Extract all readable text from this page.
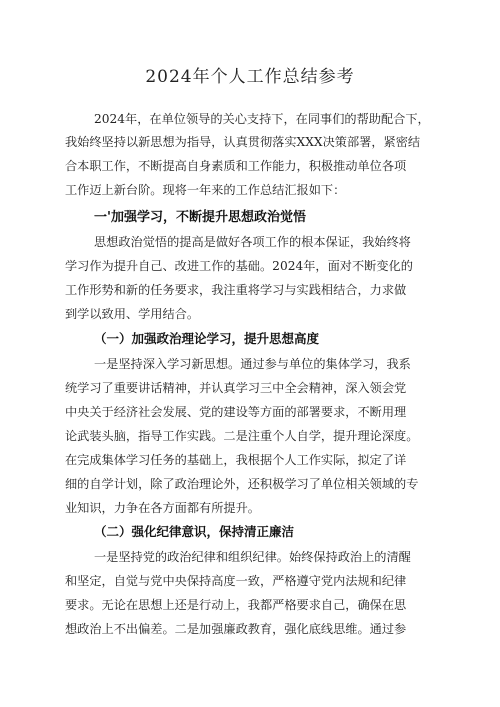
2024年个人工作总结参考
2024年，在单位领导的关心支持下，在同事们的帮助配合下，
我始终坚持以新思想为指导，认真贯彻落实XXX决策部署，紧密结
合本职工作，不断提高自身素质和工作能力，积极推动单位各项
工作迈上新台阶。现将一年来的工作总结汇报如下：
一'加强学习，不断提升思想政治觉悟
思想政治觉悟的提高是做好各项工作的根本保证，我始终将
学习作为提升自己、改进工作的基础。2024年，面对不断变化的
工作形势和新的任务要求，我注重将学习与实践相结合，力求做
到学以致用、学用结合。
（一）加强政治理论学习，提升思想高度
一是坚持深入学习新思想。通过参与单位的集体学习，我系
统学习了重要讲话精神，并认真学习三中全会精神，深入领会党
中央关于经济社会发展、党的建设等方面的部署要求，不断用理
论武装头脑，指导工作实践。二是注重个人自学，提升理论深度。
在完成集体学习任务的基础上，我根据个人工作实际，拟定了详
细的自学计划，除了政治理论外，还积极学习了单位相关领域的专
业知识，力争在各方面都有所提升。
（二）强化纪律意识，保持清正廉洁
一是坚持党的政治纪律和组织纪律。始终保持政治上的清醒
和坚定，自觉与党中央保持高度一致，严格遵守党内法规和纪律
要求。无论在思想上还是行动上，我都严格要求自己，确保在思
想政治上不出偏差。二是加强廉政教育，强化底线思维。通过参
